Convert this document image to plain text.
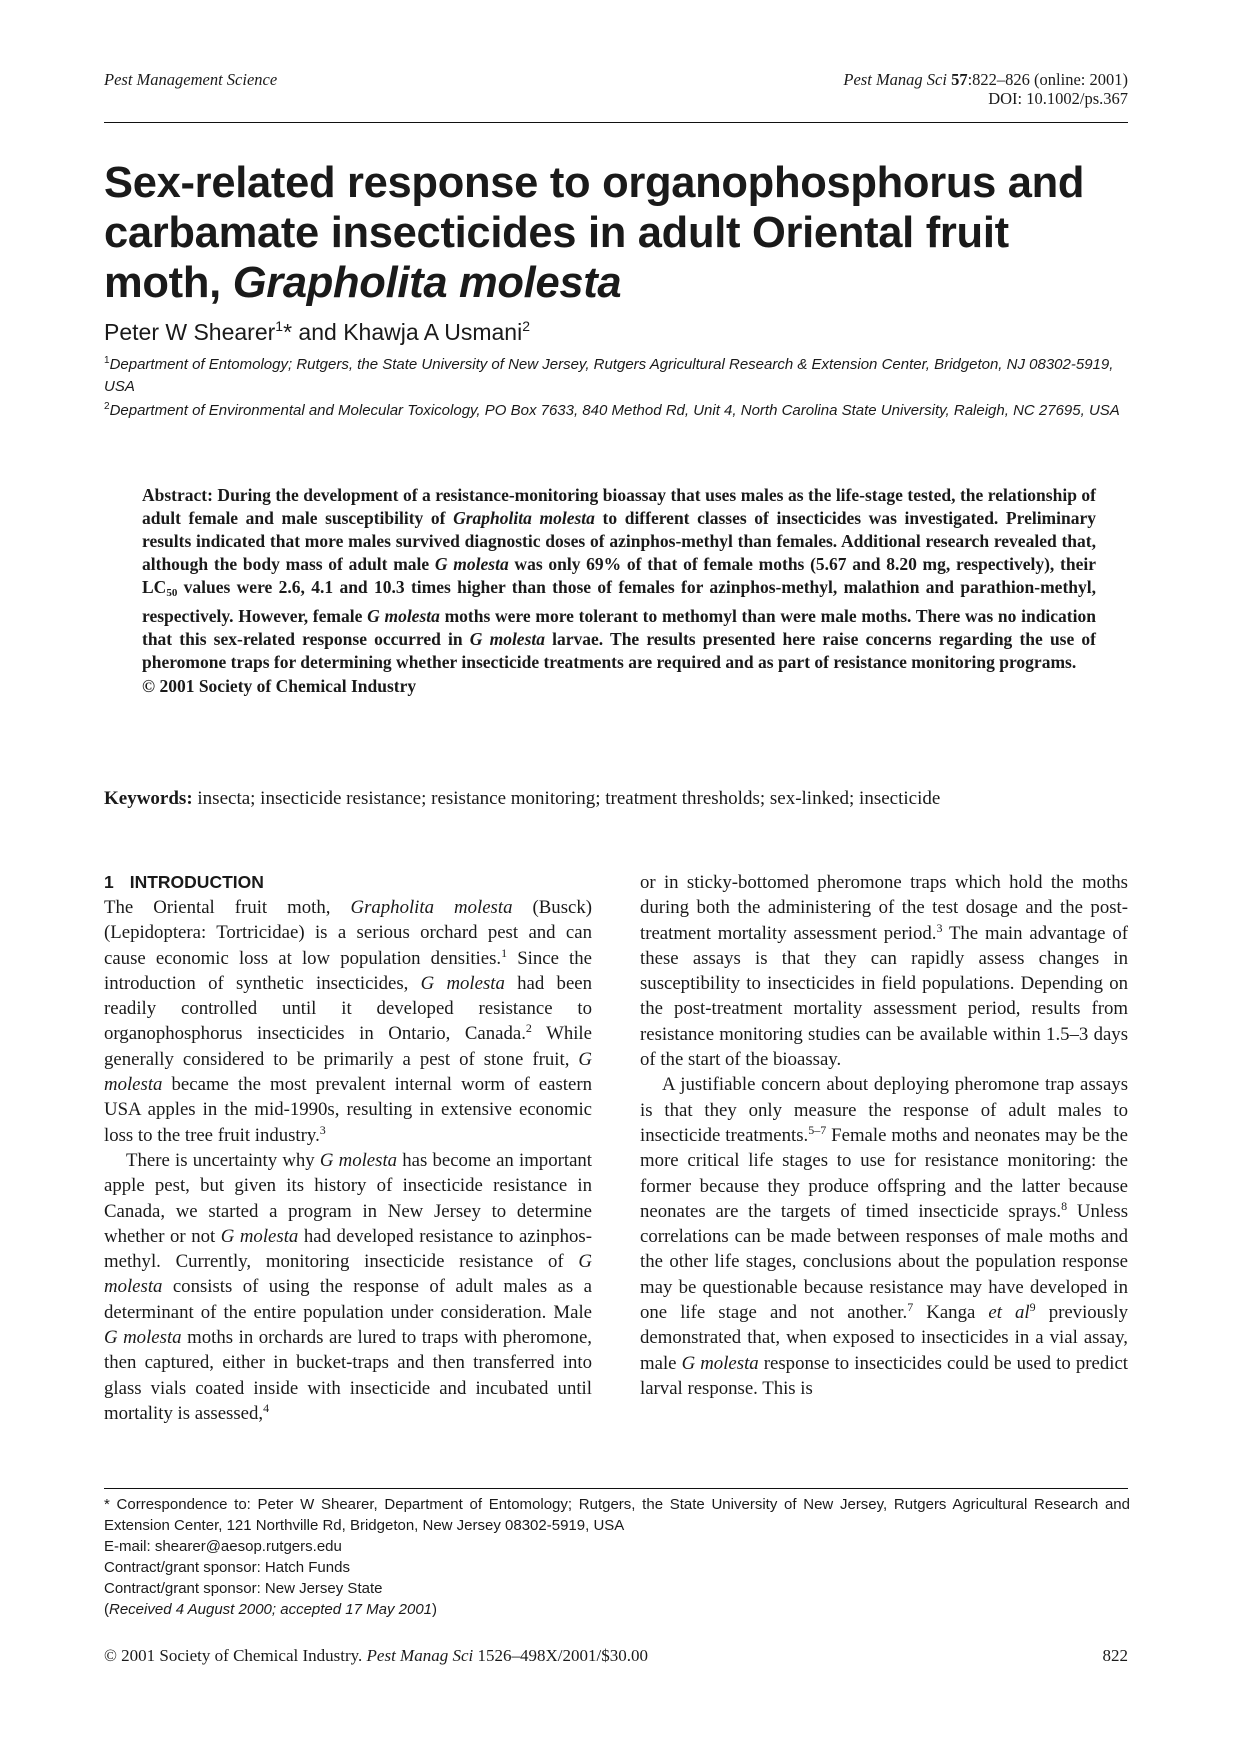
Pest Management Science	Pest Manag Sci 57:822–826 (online: 2001)
DOI: 10.1002/ps.367
Sex-related response to organophosphorus and carbamate insecticides in adult Oriental fruit moth, Grapholita molesta
Peter W Shearer$^1$* and Khawja A Usmani$^2$
$^1$Department of Entomology; Rutgers, the State University of New Jersey, Rutgers Agricultural Research & Extension Center, Bridgeton, NJ 08302-5919, USA
$^2$Department of Environmental and Molecular Toxicology, PO Box 7633, 840 Method Rd, Unit 4, North Carolina State University, Raleigh, NC 27695, USA
Abstract: During the development of a resistance-monitoring bioassay that uses males as the life-stage tested, the relationship of adult female and male susceptibility of Grapholita molesta to different classes of insecticides was investigated. Preliminary results indicated that more males survived diagnostic doses of azinphos-methyl than females. Additional research revealed that, although the body mass of adult male G molesta was only 69% of that of female moths (5.67 and 8.20 mg, respectively), their $LC_{50}$ values were 2.6, 4.1 and 10.3 times higher than those of females for azinphos-methyl, malathion and parathion-methyl, respectively. However, female G molesta moths were more tolerant to methomyl than were male moths. There was no indication that this sex-related response occurred in G molesta larvae. The results presented here raise concerns regarding the use of pheromone traps for determining whether insecticide treatments are required and as part of resistance monitoring programs.
© 2001 Society of Chemical Industry
Keywords: insecta; insecticide resistance; resistance monitoring; treatment thresholds; sex-linked; insecticide
1 INTRODUCTION

The Oriental fruit moth, Grapholita molesta (Busck) (Lepidoptera: Tortricidae) is a serious orchard pest and can cause economic loss at low population densities.$^1$ Since the introduction of synthetic insecticides, G molesta had been readily controlled until it developed resistance to organophosphorus insecticides in Ontario, Canada.$^2$ While generally considered to be primarily a pest of stone fruit, G molesta became the most prevalent internal worm of eastern USA apples in the mid-1990s, resulting in extensive economic loss to the tree fruit industry.$^3$

There is uncertainty why G molesta has become an important apple pest, but given its history of insecticide resistance in Canada, we started a program in New Jersey to determine whether or not G molesta had developed resistance to azinphos-methyl. Currently, monitoring insecticide resistance of G molesta consists of using the response of adult males as a determinant of the entire population under consideration. Male G molesta moths in orchards are lured to traps with pheromone, then captured, either in bucket-traps and then transferred into glass vials coated inside with insecticide and incubated until mortality is assessed,$^4$

or in sticky-bottomed pheromone traps which hold the moths during both the administering of the test dosage and the post-treatment mortality assessment period.$^3$ The main advantage of these assays is that they can rapidly assess changes in susceptibility to insecticides in field populations. Depending on the post-treatment mortality assessment period, results from resistance monitoring studies can be available within 1.5–3 days of the start of the bioassay.

A justifiable concern about deploying pheromone trap assays is that they only measure the response of adult males to insecticide treatments.$^{5-7}$ Female moths and neonates may be the more critical life stages to use for resistance monitoring: the former because they produce offspring and the latter because neonates are the targets of timed insecticide sprays.$^8$ Unless correlations can be made between responses of male moths and the other life stages, conclusions about the population response may be questionable because resistance may have developed in one life stage and not another.$^7$ Kanga et $al^9$ previously demonstrated that, when exposed to insecticides in a vial assay, male G molesta response to insecticides could be used to predict larval response. This is

* Correspondence to: Peter W Shearer, Department of Entomology; Rutgers, the State University of New Jersey, Rutgers Agricultural Research and Extension Center, 121 Northville Rd, Bridgeton, New Jersey 08302-5919, USA
E-mail: shearer@aesop.rutgers.edu
Contract/grant sponsor: Hatch Funds
Contract/grant sponsor: New Jersey State
(Received 4 August 2000; accepted 17 May 2001)
© 2001 Society of Chemical Industry. Pest Manag Sci 1526–498X/2001/$30.00	822
